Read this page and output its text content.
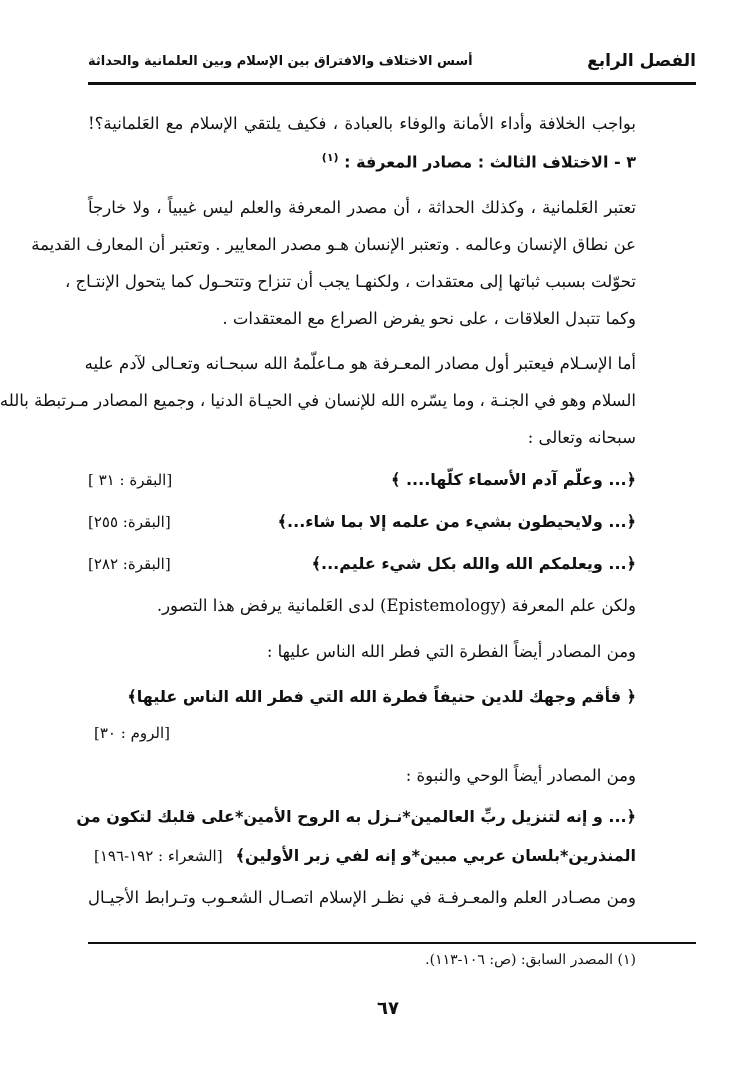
الفصل الرابع
أسس الاختلاف والافتراق بين الإسلام وبين العلمانية والحداثة
بواجب الخلافة وأداء الأمانة والوفاء بالعبادة ، فكيف يلتقي الإسلام مع العَلمانية؟!
٣ - الاختلاف الثالث : مصادر المعرفة : $^{(١)}$
تعتبر العَلمانية ، وكذلك الحداثة ، أن مصدر المعرفة والعلم ليس غيبياً ، ولا خارجاً
عن نطاق الإنسان وعالمه . وتعتبر الإنسان هـو مصدر المعايير . وتعتبر أن المعارف القديمة
تحوّلت بسبب ثباتها إلى معتقدات ، ولكنهـا يجب أن تنزاح وتتحـول كما يتحول الإنتـاج ،
وكما تتبدل العلاقات ، على نحو يفرض الصراع مع المعتقدات .
أما الإسـلام فيعتبر أول مصادر المعـرفة هو مـاعلّمهُ الله سبحـانه وتعـالى لآدم عليه
السلام وهو في الجنـة ، وما يسّره الله للإنسان في الحيـاة الدنيا ، وجميع المصادر مـرتبطة بالله
سبحانه وتعالى :
﴿... وعلّم آدم الأسماء كلّها.... ﴾
[البقرة : ٣١ ]
﴿... ولايحيطون بشيء من علمه إلا بما شاء...﴾
[البقرة: ٢٥٥]
﴿... ويعلمكم الله والله بكل شيء عليم...﴾
[البقرة: ٢٨٢]
ولكن علم المعرفة (Epistemology) لدى العَلمانية يرفض هذا التصور.
ومن المصادر أيضاً الفطرة التي فطر الله الناس عليها :
﴿ فأقم وجهك للدين حنيفاً فطرة الله التي فطر الله الناس عليها﴾
[الروم : ٣٠]
ومن المصادر أيضاً الوحي والنبوة :
﴿... و إنه لتنزيل ربِّ العالمين*نـزل به الروح الأمين*على قلبك لتكون من
المنذرين*بلسان عربي مبين*و إنه لفي زبر الأولين﴾
[الشعراء : ١٩٢-١٩٦]
ومن مصـادر العلم والمعـرفـة في نظـر الإسلام اتصـال الشعـوب وتـرابط الأجيـال
(١) المصدر السابق: (ص: ١٠٦-١١٣).
٦٧
